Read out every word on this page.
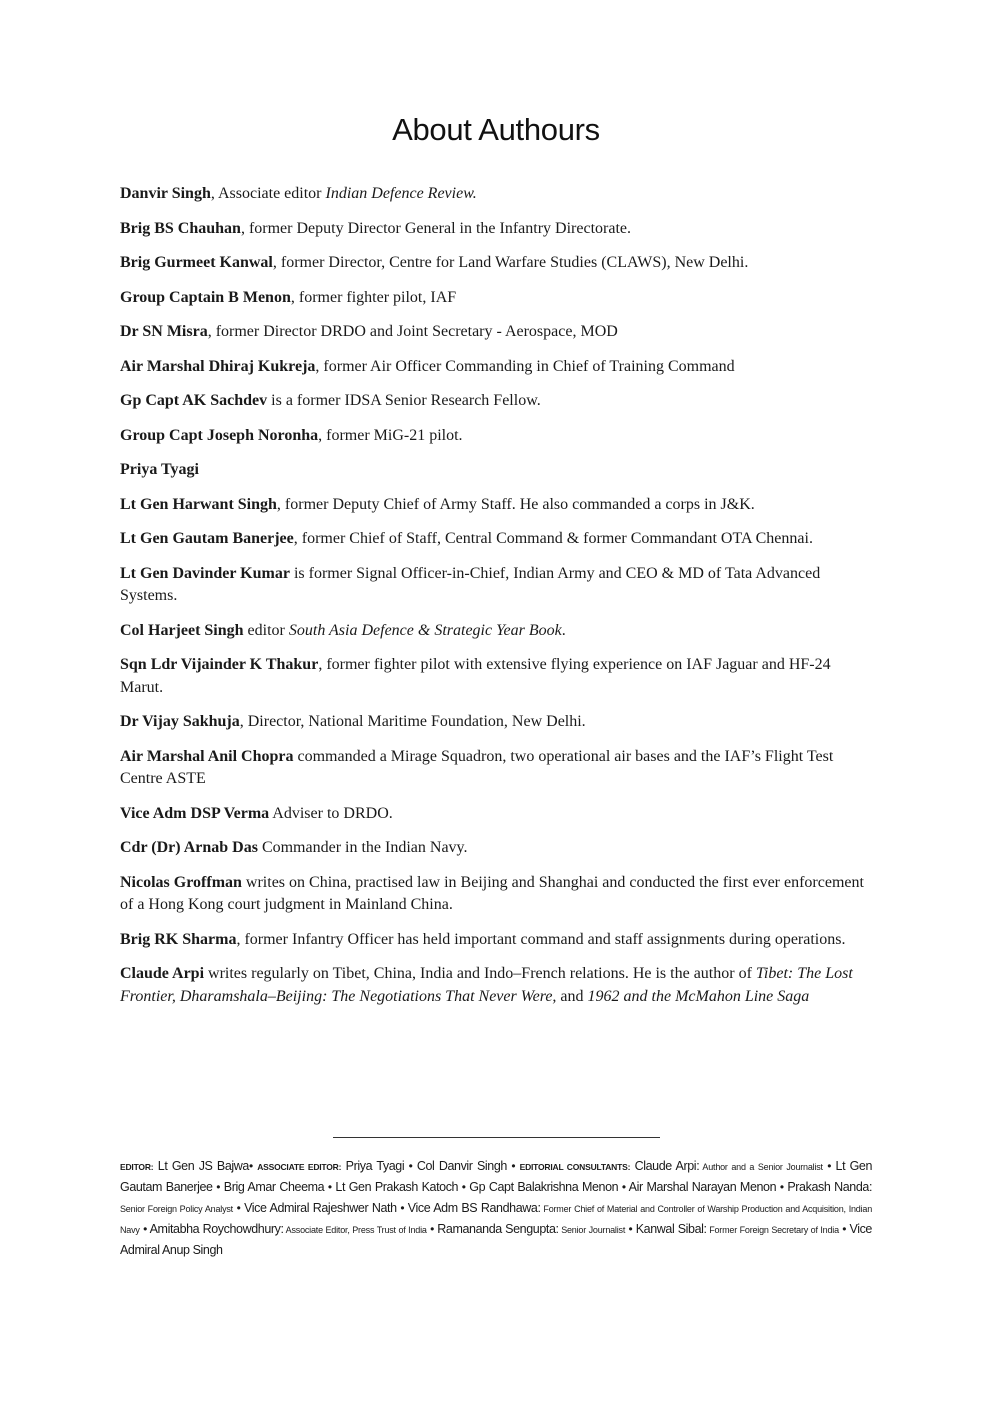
About Authours

Danvir Singh, Associate editor Indian Defence Review.

Brig BS Chauhan, former Deputy Director General in the Infantry Directorate.

Brig Gurmeet Kanwal, former Director, Centre for Land Warfare Studies (CLAWS), New Delhi.

Group Captain B Menon, former fighter pilot, IAF

Dr SN Misra, former Director DRDO and Joint Secretary - Aerospace, MOD

Air Marshal Dhiraj Kukreja, former Air Officer Commanding in Chief of Training Command

Gp Capt AK Sachdev is a former IDSA Senior Research Fellow.

Group Capt Joseph Noronha, former MiG-21 pilot.

Priya Tyagi

Lt Gen Harwant Singh, former Deputy Chief of Army Staff. He also commanded a corps in J&K.

Lt Gen Gautam Banerjee, former Chief of Staff, Central Command & former Commandant OTA Chennai.

Lt Gen Davinder Kumar is former Signal Officer-in-Chief, Indian Army and CEO & MD of Tata Advanced Systems.

Col Harjeet Singh editor South Asia Defence & Strategic Year Book.

Sqn Ldr Vijainder K Thakur, former fighter pilot with extensive flying experience on IAF Jaguar and HF-24 Marut.

Dr Vijay Sakhuja, Director, National Maritime Foundation, New Delhi.

Air Marshal Anil Chopra commanded a Mirage Squadron, two operational air bases and the IAF’s Flight Test Centre ASTE

Vice Adm DSP Verma Adviser to DRDO.

Cdr (Dr) Arnab Das Commander in the Indian Navy.

Nicolas Groffman writes on China, practised law in Beijing and Shanghai and conducted the first ever enforcement of a Hong Kong court judgment in Mainland China.

Brig RK Sharma, former Infantry Officer has held important command and staff assignments during operations.

Claude Arpi writes regularly on Tibet, China, India and Indo–French relations. He is the author of Tibet: The Lost Frontier, Dharamshala–Beijing: The Negotiations That Never Were, and 1962 and the McMahon Line Saga

EDITOR: Lt Gen JS Bajwa• ASSOCIATE EDITOR: Priya Tyagi • Col Danvir Singh • EDITORIAL CONSULTANTS: Claude Arpi: Author and a Senior Journalist • Lt Gen Gautam Banerjee • Brig Amar Cheema • Lt Gen Prakash Katoch • Gp Capt Balakrishna Menon • Air Marshal Narayan Menon • Prakash Nanda: Senior Foreign Policy Analyst • Vice Admiral Rajeshwer Nath • Vice Adm BS Randhawa: Former Chief of Material and Controller of Warship Production and Acquisition, Indian Navy • Amitabha Roychowdhury: Associate Editor, Press Trust of India • Ramananda Sengupta: Senior Journalist • Kanwal Sibal: Former Foreign Secretary of India • Vice Admiral Anup Singh
